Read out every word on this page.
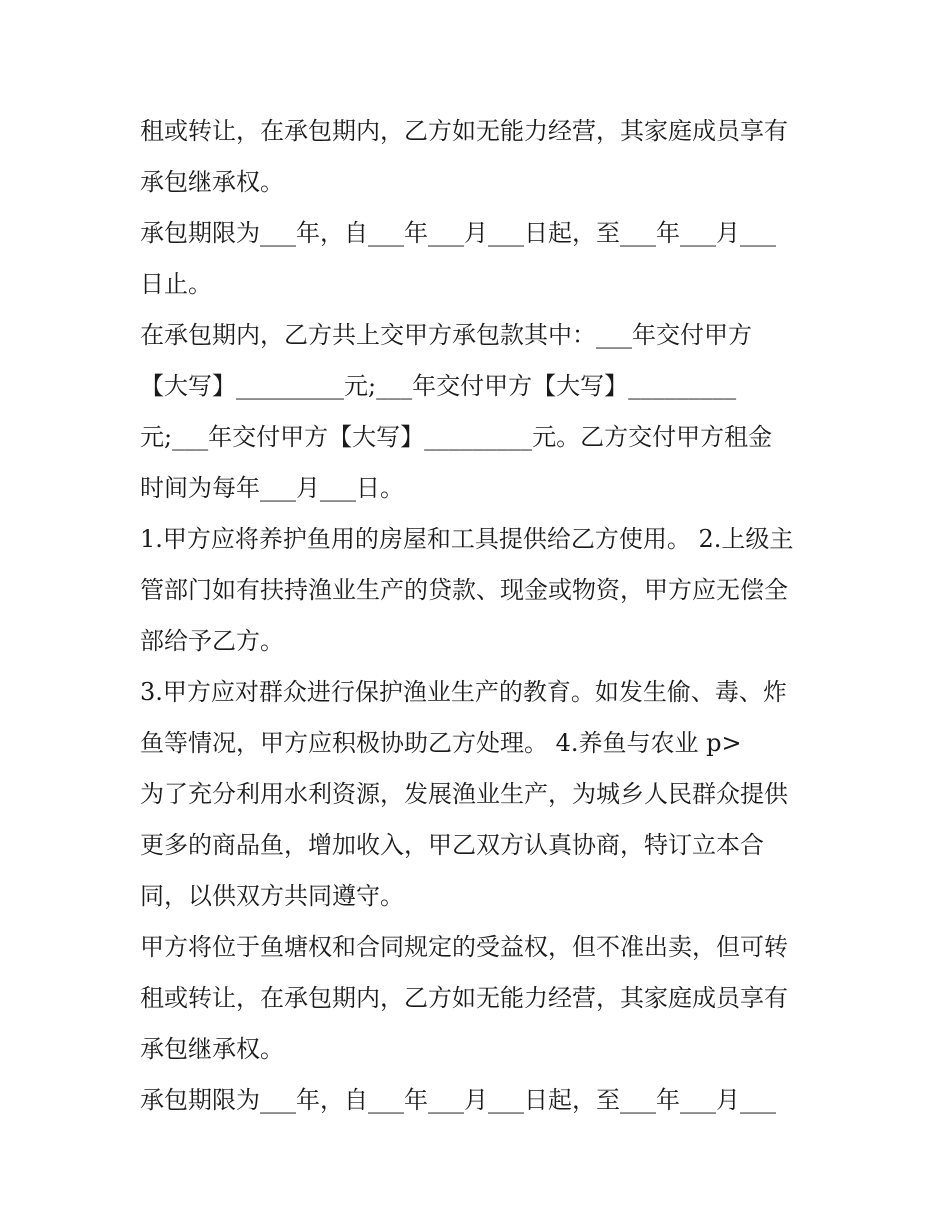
租或转让，在承包期内，乙方如无能力经营，其家庭成员享有

承包继承权。

承包期限为___年，自___年___月___日起，至___年___月___

日止。

在承包期内，乙方共上交甲方承包款其中：___年交付甲方

【大写】_________元;___年交付甲方【大写】_________

元;___年交付甲方【大写】_________元。乙方交付甲方租金

时间为每年___月___日。

1.甲方应将养护鱼用的房屋和工具提供给乙方使用。 2.上级主

管部门如有扶持渔业生产的贷款、现金或物资，甲方应无偿全

部给予乙方。

3.甲方应对群众进行保护渔业生产的教育。如发生偷、毒、炸

鱼等情况，甲方应积极协助乙方处理。 4.养鱼与农业 p>

为了充分利用水利资源，发展渔业生产，为城乡人民群众提供

更多的商品鱼，增加收入，甲乙双方认真协商，特订立本合

同，以供双方共同遵守。

甲方将位于鱼塘权和合同规定的受益权，但不准出卖，但可转

租或转让，在承包期内，乙方如无能力经营，其家庭成员享有

承包继承权。

承包期限为___年，自___年___月___日起，至___年___月___
